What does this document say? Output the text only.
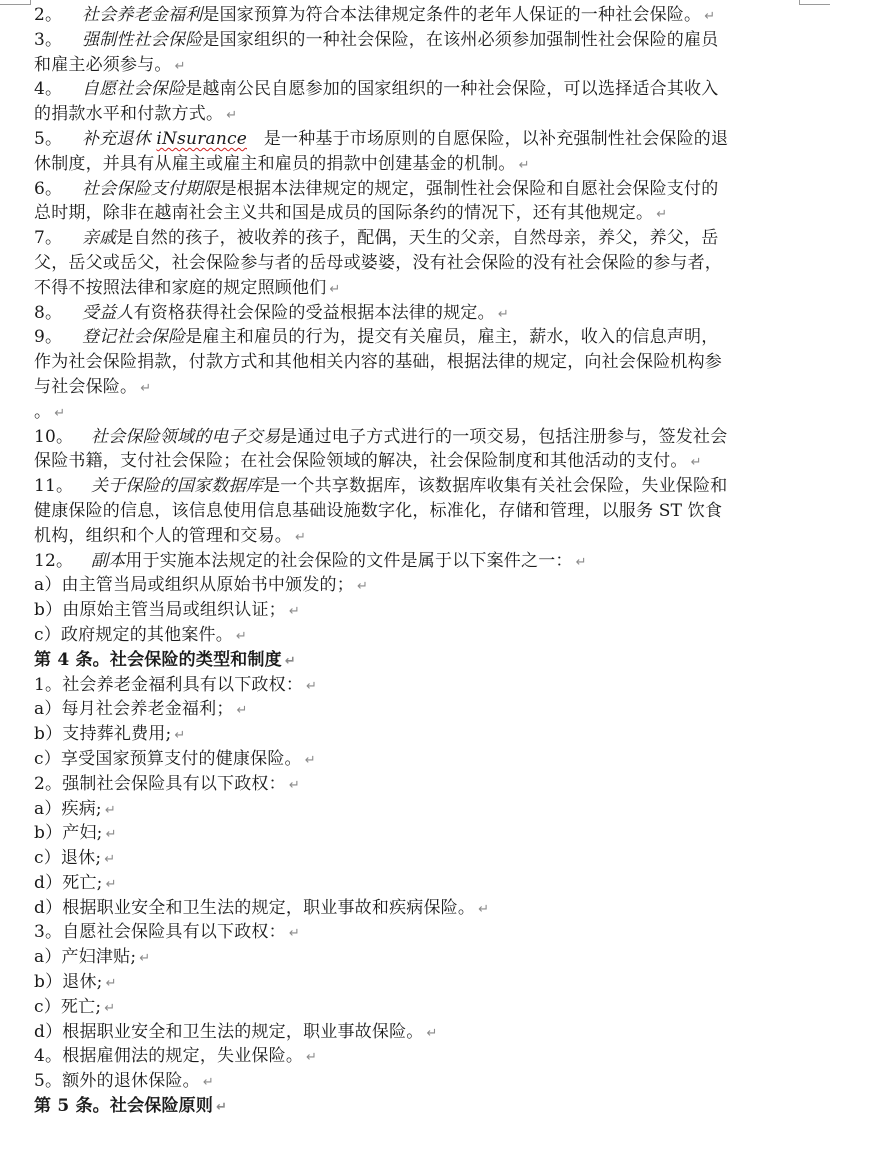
2。 社会养老金福利是国家预算为符合本法律规定条件的老年人保证的一种社会保险。 ↵
3。 强制性社会保险是国家组织的一种社会保险，在该州必须参加强制性社会保险的雇员
和雇主必须参与。 ↵
4。 自愿社会保险是越南公民自愿参加的国家组织的一种社会保险，可以选择适合其收入
的捐款水平和付款方式。 ↵
5。 补充退休 iNsurance 是一种基于市场原则的自愿保险，以补充强制性社会保险的退
休制度，并具有从雇主或雇主和雇员的捐款中创建基金的机制。 ↵
6。 社会保险支付期限是根据本法律规定的规定，强制性社会保险和自愿社会保险支付的
总时期，除非在越南社会主义共和国是成员的国际条约的情况下，还有其他规定。 ↵
7。 亲戚是自然的孩子，被收养的孩子，配偶，天生的父亲，自然母亲，养父，养父，岳
父，岳父或岳父，社会保险参与者的岳母或婆婆，没有社会保险的没有社会保险的参与者，
不得不按照法律和家庭的规定照顾他们 ↵
8。 受益人有资格获得社会保险的受益根据本法律的规定。 ↵
9。 登记社会保险是雇主和雇员的行为，提交有关雇员，雇主，薪水，收入的信息声明，
作为社会保险捐款，付款方式和其他相关内容的基础，根据法律的规定，向社会保险机构参
与社会保险。 ↵
。 ↵
10。 社会保险领域的电子交易是通过电子方式进行的一项交易，包括注册参与，签发社会
保险书籍，支付社会保险；在社会保险领域的解决，社会保险制度和其他活动的支付。 ↵
11。 关于保险的国家数据库是一个共享数据库，该数据库收集有关社会保险，失业保险和
健康保险的信息，该信息使用信息基础设施数字化，标准化，存储和管理，以服务 ST 饮食
机构，组织和个人的管理和交易。 ↵
12。 副本用于实施本法规定的社会保险的文件是属于以下案件之一： ↵
a）由主管当局或组织从原始书中颁发的； ↵
b）由原始主管当局或组织认证； ↵
c）政府规定的其他案件。 ↵
第 4 条。社会保险的类型和制度 ↵
1。社会养老金福利具有以下政权： ↵
a）每月社会养老金福利； ↵
b）支持葬礼费用; ↵
c）享受国家预算支付的健康保险。 ↵
2。强制社会保险具有以下政权： ↵
a）疾病; ↵
b）产妇; ↵
c）退休; ↵
d）死亡; ↵
d）根据职业安全和卫生法的规定，职业事故和疾病保险。 ↵
3。自愿社会保险具有以下政权： ↵
a）产妇津贴; ↵
b）退休; ↵
c）死亡; ↵
d）根据职业安全和卫生法的规定，职业事故保险。 ↵
4。根据雇佣法的规定，失业保险。 ↵
5。额外的退休保险。 ↵
第 5 条。社会保险原则 ↵
